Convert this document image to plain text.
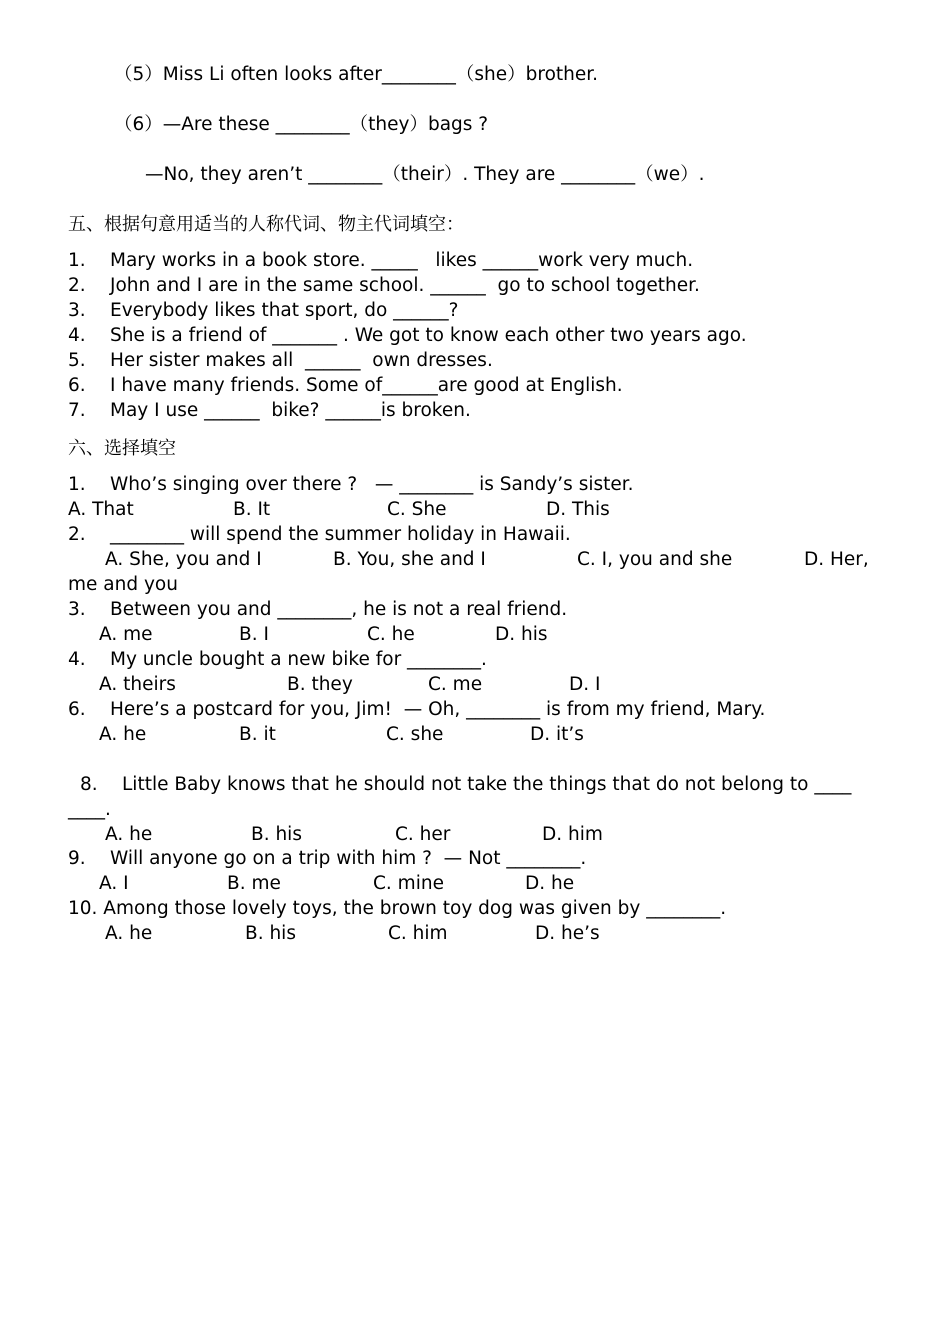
（5）Miss Li often looks after________（she）brother.
（6）—Are these ________（they）bags ?
—No, they aren’t ________（their）. They are ________（we）.
五、根据句意用适当的人称代词、物主代词填空：
1. Mary works in a book store. _____   likes ______work very much.
2. John and I are in the same school. ______  go to school together.
3. Everybody likes that sport, do ______?
4. She is a friend of _______ . We got to know each other two years ago.
5. Her sister makes all  ______  own dresses.
6. I have many friends. Some of______are good at English.
7. May I use ______  bike? ______is broken.
六、选择填空
1. Who’s singing over there ?   — ________ is Sandy’s sister.
A. That	B. It	C. She	D. This
2. ________ will spend the summer holiday in Hawaii.
A. She, you and I	B. You, she and I	C. I, you and she	D. Her,
me and you
3. Between you and ________, he is not a real friend.
A. me	B. I	C. he	D. his
4. My uncle bought a new bike for ________.
A. theirs	B. they	C. me	D. I
6. Here’s a postcard for you, Jim!  — Oh, ________ is from my friend, Mary.
A. he	B. it	C. she	D. it’s
8. Little Baby knows that he should not take the things that do not belong to ____
____.
A. he	B. his	C. her	D. him
9. Will anyone go on a trip with him ?  — Not ________.
A. I	B. me	C. mine	D. he
10. Among those lovely toys, the brown toy dog was given by ________.
A. he	B. his	C. him	D. he’s
